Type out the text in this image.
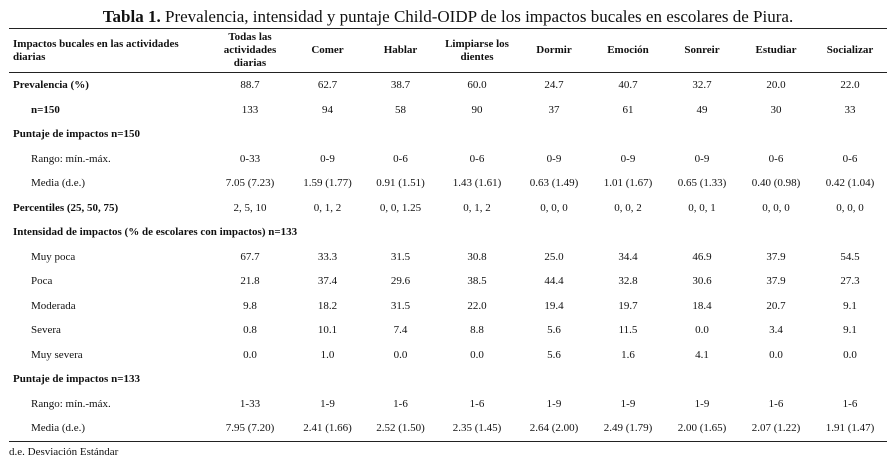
Tabla 1. Prevalencia, intensidad y puntaje Child-OIDP de los impactos bucales en escolares de Piura.
Impactos bucales en las actividades diarias	Todas las actividades diarias	Comer	Hablar	Limpiarse los dientes	Dormir	Emoción	Sonreir	Estudiar	Socializar
Prevalencia (%)	88.7	62.7	38.7	60.0	24.7	40.7	32.7	20.0	22.0
n=150	133	94	58	90	37	61	49	30	33
Puntaje de impactos n=150									
Rango: mín.-máx.	0-33	0-9	0-6	0-6	0-9	0-9	0-9	0-6	0-6
Media (d.e.)	7.05 (7.23)	1.59 (1.77)	0.91 (1.51)	1.43 (1.61)	0.63 (1.49)	1.01 (1.67)	0.65 (1.33)	0.40 (0.98)	0.42 (1.04)
Percentiles (25, 50, 75)	2, 5, 10	0, 1, 2	0, 0, 1.25	0, 1, 2	0, 0, 0	0, 0, 2	0, 0, 1	0, 0, 0	0, 0, 0
Intensidad de impactos (% de escolares con impactos) n=133									
Muy poca	67.7	33.3	31.5	30.8	25.0	34.4	46.9	37.9	54.5
Poca	21.8	37.4	29.6	38.5	44.4	32.8	30.6	37.9	27.3
Moderada	9.8	18.2	31.5	22.0	19.4	19.7	18.4	20.7	9.1
Severa	0.8	10.1	7.4	8.8	5.6	11.5	0.0	3.4	9.1
Muy severa	0.0	1.0	0.0	0.0	5.6	1.6	4.1	0.0	0.0
Puntaje de impactos n=133									
Rango: mín.-máx.	1-33	1-9	1-6	1-6	1-9	1-9	1-9	1-6	1-6
Media (d.e.)	7.95 (7.20)	2.41 (1.66)	2.52 (1.50)	2.35 (1.45)	2.64 (2.00)	2.49 (1.79)	2.00 (1.65)	2.07 (1.22)	1.91 (1.47)
d.e. Desviación Estándar
